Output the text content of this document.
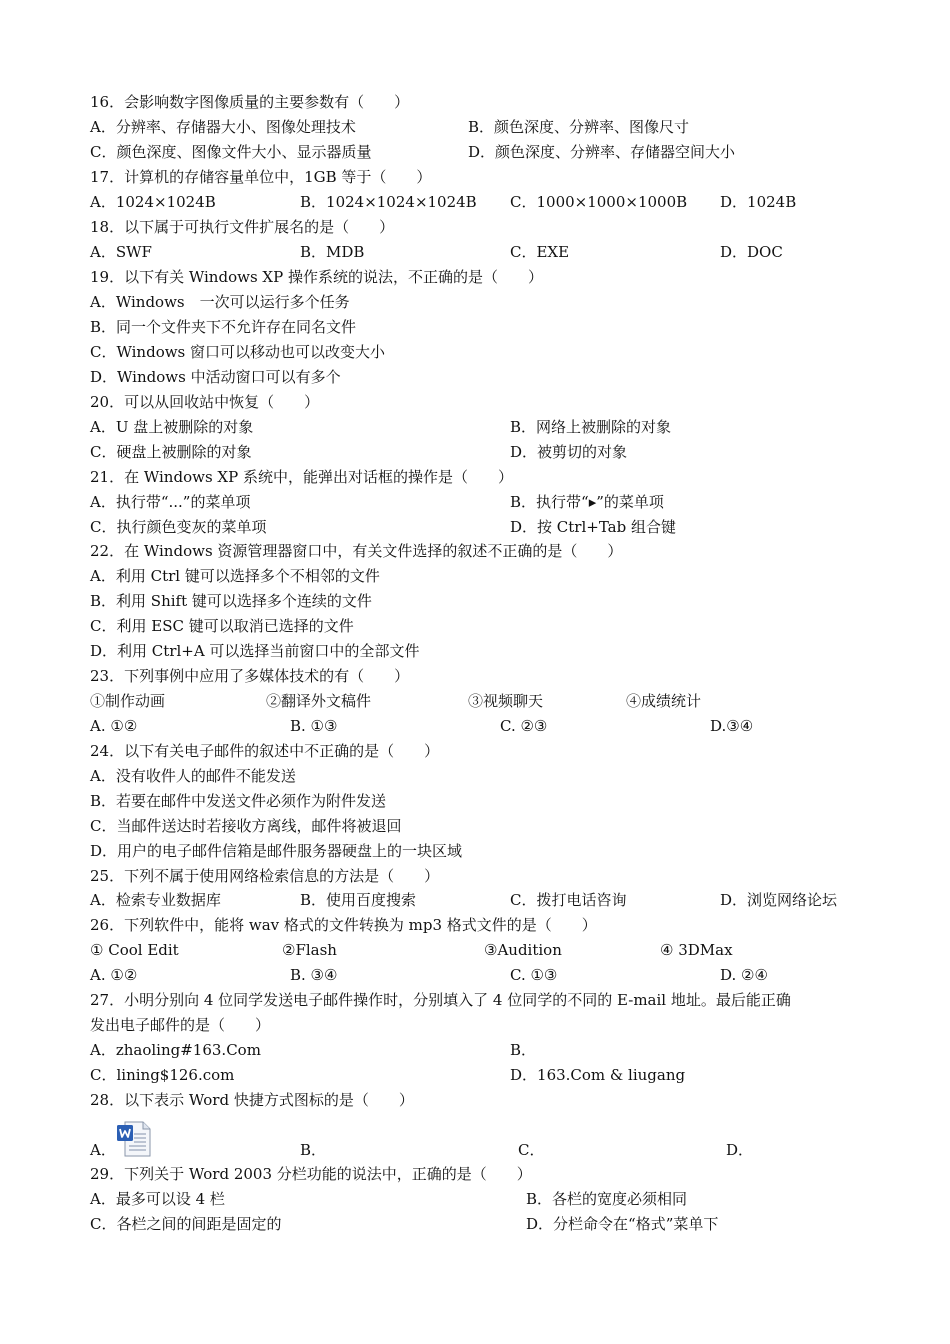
16．会影响数字图像质量的主要参数有（　　）
A．分辨率、存储器大小、图像处理技术	B．颜色深度、分辨率、图像尺寸
C．颜色深度、图像文件大小、显示器质量	D．颜色深度、分辨率、存储器空间大小
17．计算机的存储容量单位中，1GB 等于（　　）
A．1024×1024B	B．1024×1024×1024B C．1000×1000×1000B D．1024B
18．以下属于可执行文件扩展名的是（　　）
A．SWF	B．MDB	C．EXE	D．DOC
19．以下有关 Windows XP 操作系统的说法，不正确的是（　　）
A．Windows　一次可以运行多个任务
B．同一个文件夹下不允许存在同名文件
C．Windows 窗口可以移动也可以改变大小
D．Windows 中活动窗口可以有多个
20．可以从回收站中恢复（　　）
A．U 盘上被删除的对象	B．网络上被删除的对象
C．硬盘上被删除的对象	D．被剪切的对象
21．在 Windows XP 系统中，能弹出对话框的操作是（　　）
A．执行带“...”的菜单项	B．执行带“▸”的菜单项
C．执行颜色变灰的菜单项	D．按 Ctrl+Tab 组合键
22．在 Windows 资源管理器窗口中，有关文件选择的叙述不正确的是（　　）
A．利用 Ctrl 键可以选择多个不相邻的文件
B．利用 Shift 键可以选择多个连续的文件
C．利用 ESC 键可以取消已选择的文件
D．利用 Ctrl+A 可以选择当前窗口中的全部文件
23．下列事例中应用了多媒体技术的有（　　）
①制作动画	②翻译外文稿件	③视频聊天	④成绩统计
A. ①②	B. ①③	C. ②③	D.③④
24．以下有关电子邮件的叙述中不正确的是（　　）
A．没有收件人的邮件不能发送
B．若要在邮件中发送文件必须作为附件发送
C．当邮件送达时若接收方离线，邮件将被退回
D．用户的电子邮件信箱是邮件服务器硬盘上的一块区域
25．下列不属于使用网络检索信息的方法是（　　）
A．检索专业数据库	B．使用百度搜索	C．拨打电话咨询	D．浏览网络论坛
26．下列软件中，能将 wav 格式的文件转换为 mp3 格式文件的是（　　）
① Cool Edit	②Flash	③Audition	④ 3DMax
A. ①②	B. ③④	C. ①③	D. ②④
27．小明分别向 4 位同学发送电子邮件操作时，分别填入了 4 位同学的不同的 E-mail 地址。最后能正确
发出电子邮件的是（　　）
A．zhaoling#163.Com	B．
C．lining$126.com	D．163.Com & liugang
28．以下表示 Word 快捷方式图标的是（　　）
A．	B．	C．	D．
29．下列关于 Word 2003 分栏功能的说法中，正确的是（　　）
A．最多可以设 4 栏	B．各栏的宽度必须相同
C．各栏之间的间距是固定的	D．分栏命令在“格式”菜单下
